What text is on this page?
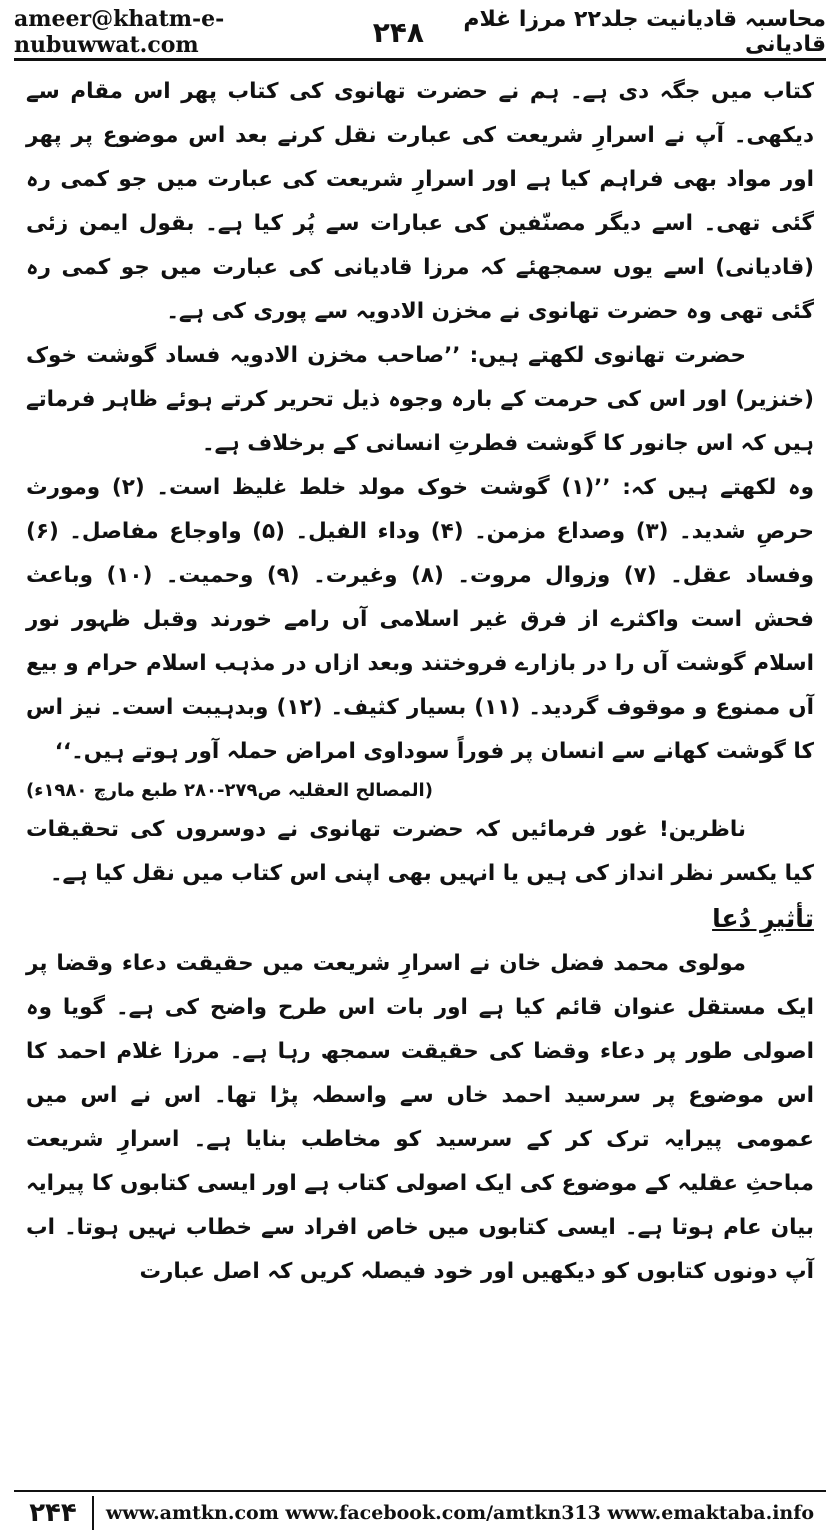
ameer@khatm-e-nubuwwat.com	۲۴۸	محاسبہ قادیانیت جلد۲۲ مرزا غلام قادیانی

کتاب میں جگہ دی ہے۔ ہم نے حضرت تھانوی کی کتاب پھر اس مقام سے دیکھی۔ آپ نے اسرارِ شریعت کی عبارت نقل کرنے بعد اس موضوع پر پھر اور مواد بھی فراہم کیا ہے اور اسرارِ شریعت کی عبارت میں جو کمی رہ گئی تھی۔ اسے دیگر مصنّفین کی عبارات سے پُر کیا ہے۔ بقول ایمن زئی (قادیانی) اسے یوں سمجھئے کہ مرزا قادیانی کی عبارت میں جو کمی رہ گئی تھی وہ حضرت تھانوی نے مخزن الادویہ سے پوری کی ہے۔

حضرت تھانوی لکھتے ہیں: ’’صاحب مخزن الادویہ فساد گوشت خوک (خنزیر) اور اس کی حرمت کے بارہ وجوہ ذیل تحریر کرتے ہوئے ظاہر فرماتے ہیں کہ اس جانور کا گوشت فطرتِ انسانی کے برخلاف ہے۔

وہ لکھتے ہیں کہ: ’’(۱) گوشت خوک مولد خلط غلیظ است۔ (۲) ومورث حرصِ شدید۔ (۳) وصداع مزمن۔ (۴) وداء الفیل۔ (۵) واوجاع مفاصل۔ (۶) وفساد عقل۔ (۷) وزوال مروت۔ (۸) وغیرت۔ (۹) وحمیت۔ (۱۰) وباعث فحش است واکثرے از فرق غیر اسلامی آں رامے خورند وقبل ظہور نور اسلام گوشت آں را در بازارے فروختند وبعد ازاں در مذہب اسلام حرام و بیع آں ممنوع و موقوف گردید۔ (۱۱) بسیار کثیف۔ (۱۲) وبدہیبت است۔ نیز اس کا گوشت کھانے سے انسان پر فوراً سوداوی امراض حملہ آور ہوتے ہیں۔‘‘

(المصالح العقلیہ ص۲۷۹-۲۸۰ طبع مارچ ۱۹۸۰ء)

ناظرین! غور فرمائیں کہ حضرت تھانوی نے دوسروں کی تحقیقات کیا یکسر نظر انداز کی ہیں یا انہیں بھی اپنی اس کتاب میں نقل کیا ہے۔

تأثیرِ دُعا

مولوی محمد فضل خان نے اسرارِ شریعت میں حقیقت دعاء وقضا پر ایک مستقل عنوان قائم کیا ہے اور بات اس طرح واضح کی ہے۔ گویا وہ اصولی طور پر دعاء وقضا کی حقیقت سمجھ رہا ہے۔ مرزا غلام احمد کا اس موضوع پر سرسید احمد خاں سے واسطہ پڑا تھا۔ اس نے اس میں عمومی پیرایہ ترک کر کے سرسید کو مخاطب بنایا ہے۔ اسرارِ شریعت مباحثِ عقلیہ کے موضوع کی ایک اصولی کتاب ہے اور ایسی کتابوں کا پیرایہ بیان عام ہوتا ہے۔ ایسی کتابوں میں خاص افراد سے خطاب نہیں ہوتا۔ اب آپ دونوں کتابوں کو دیکھیں اور خود فیصلہ کریں کہ اصل عبارت

۲۴۴	www.amtkn.com www.facebook.com/amtkn313 www.emaktaba.info
